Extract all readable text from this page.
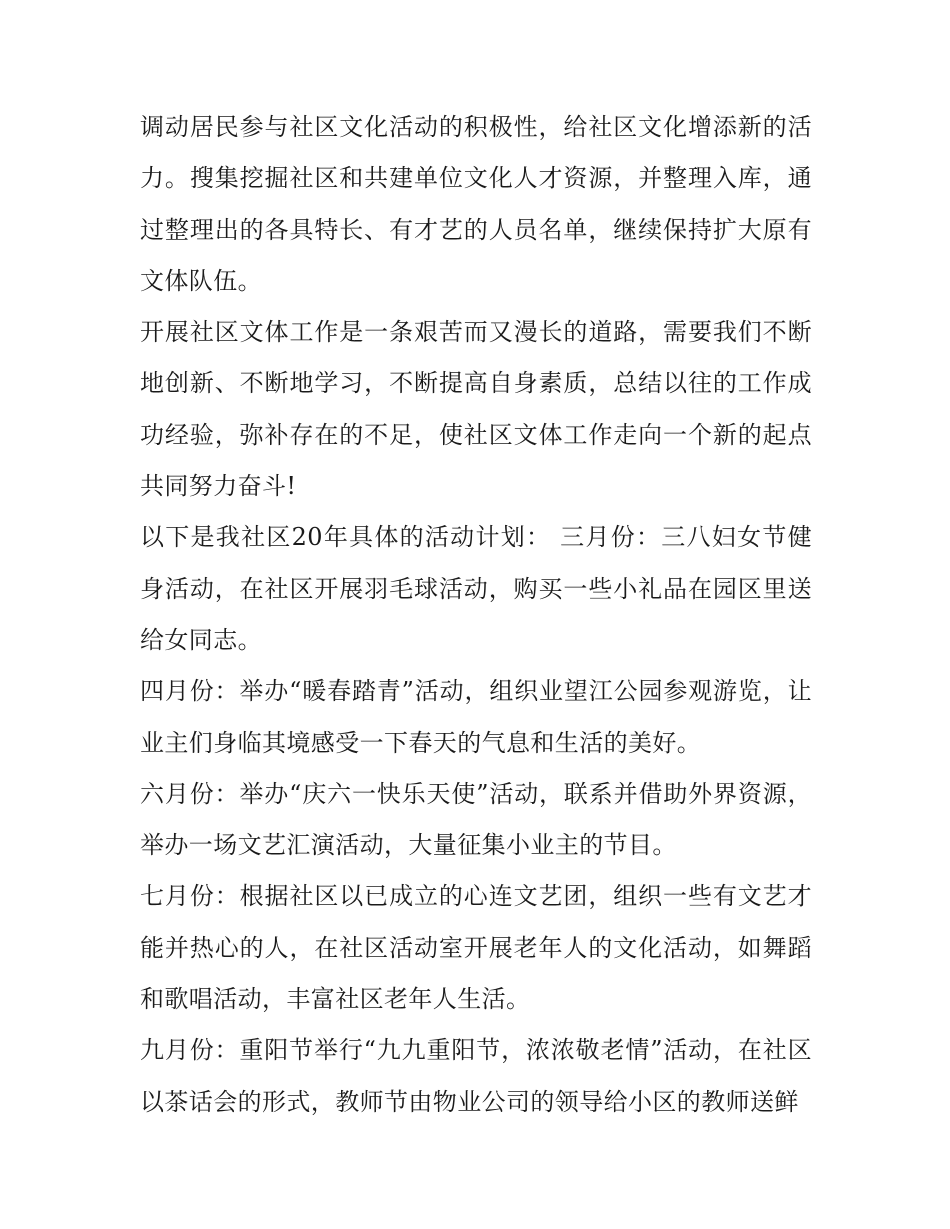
调动居民参与社区文化活动的积极性，给社区文化增添新的活力。搜集挖掘社区和共建单位文化人才资源，并整理入库，通过整理出的各具特长、有才艺的人员名单，继续保持扩大原有文体队伍。

开展社区文体工作是一条艰苦而又漫长的道路，需要我们不断地创新、不断地学习，不断提高自身素质，总结以往的工作成功经验，弥补存在的不足，使社区文体工作走向一个新的起点共同努力奋斗!

以下是我社区20年具体的活动计划： 三月份：三八妇女节健身活动，在社区开展羽毛球活动，购买一些小礼品在园区里送给女同志。

四月份：举办“暖春踏青”活动，组织业望江公园参观游览，让业主们身临其境感受一下春天的气息和生活的美好。

六月份：举办“庆六一快乐天使”活动，联系并借助外界资源，举办一场文艺汇演活动，大量征集小业主的节目。

七月份：根据社区以已成立的心连文艺团，组织一些有文艺才能并热心的人，在社区活动室开展老年人的文化活动，如舞蹈和歌唱活动，丰富社区老年人生活。

九月份：重阳节举行“九九重阳节，浓浓敬老情”活动，在社区以茶话会的形式，教师节由物业公司的领导给小区的教师送鲜
